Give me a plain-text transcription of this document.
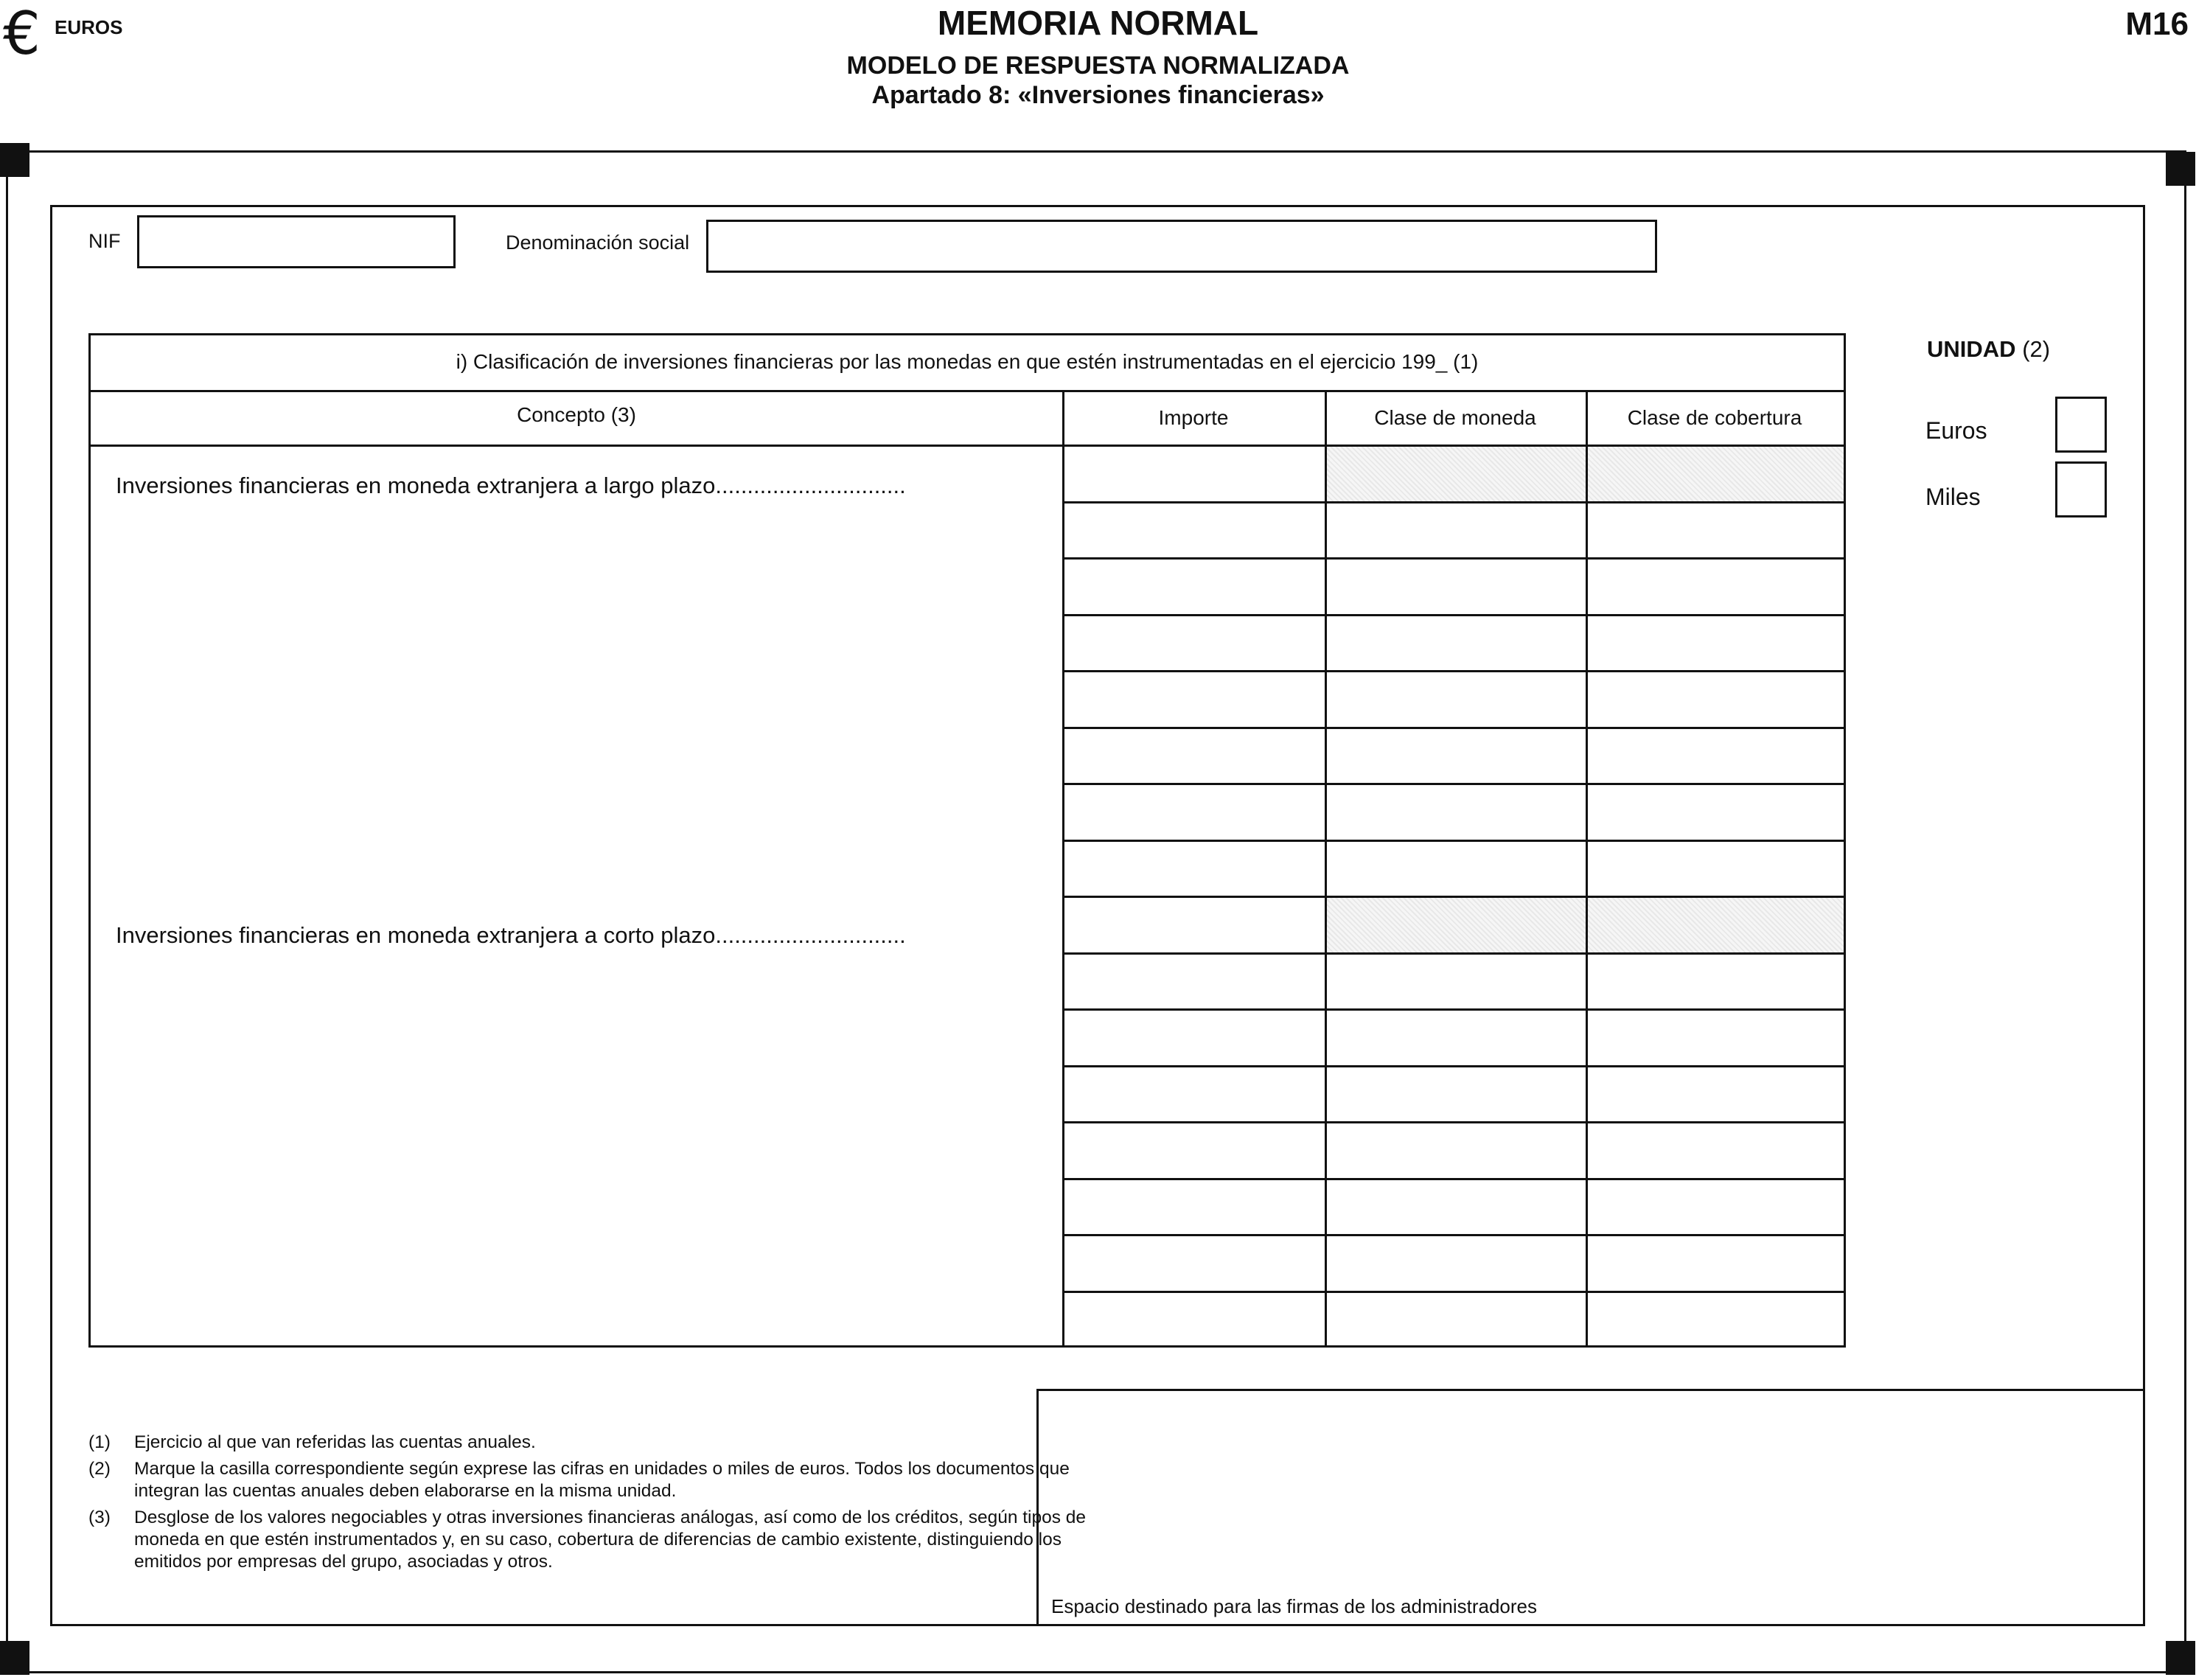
€ EUROS	MEMORIA NORMAL
MODELO DE RESPUESTA NORMALIZADA
Apartado 8: «Inversiones financieras»
M16
NIF	Denominación social
i) Clasificación de inversiones financieras por las monedas en que estén instrumentadas en el ejercicio 199_ (1)
Concepto (3)	Importe	Clase de moneda	Clase de cobertura
Inversiones financieras en moneda extranjera a largo plazo..............................
Inversiones financieras en moneda extranjera a corto plazo..............................
UNIDAD (2)
Euros
Miles
(1) Ejercicio al que van referidas las cuentas anuales.
(2) Marque la casilla correspondiente según exprese las cifras en unidades o miles de euros. Todos los documentos que integran las cuentas anuales deben elaborarse en la misma unidad.
(3) Desglose de los valores negociables y otras inversiones financieras análogas, así como de los créditos, según tipos de moneda en que estén instrumentados y, en su caso, cobertura de diferencias de cambio existente, distinguiendo los emitidos por empresas del grupo, asociadas y otros.
Espacio destinado para las firmas de los administradores
